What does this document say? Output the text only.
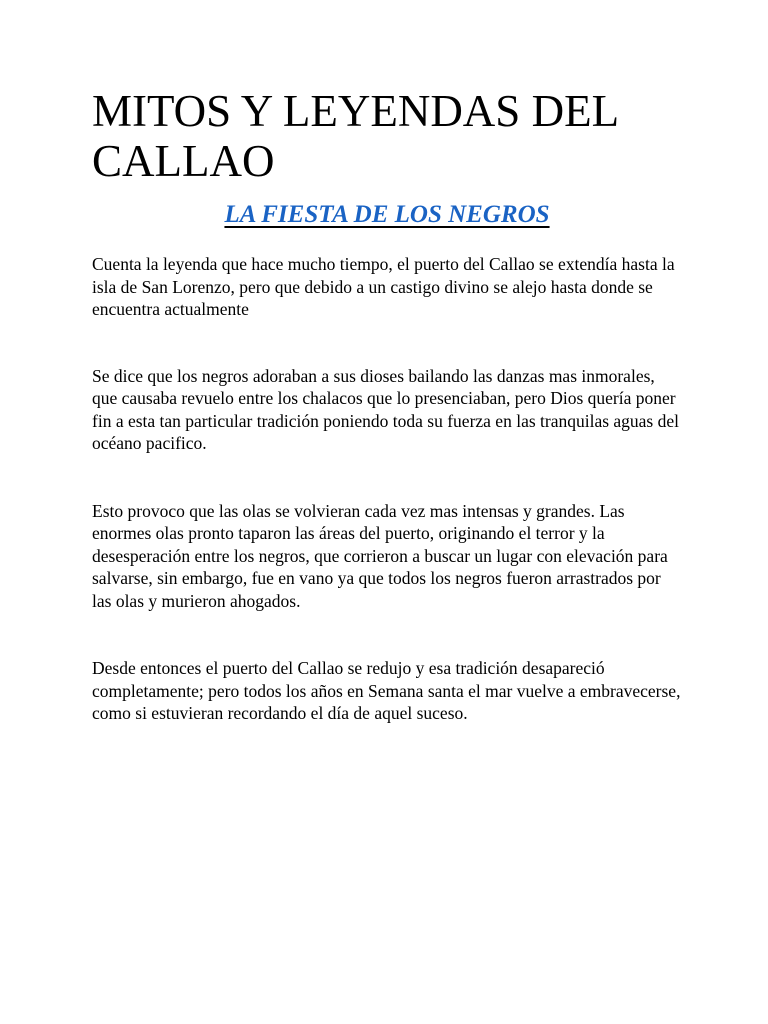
MITOS Y LEYENDAS DEL CALLAO
LA FIESTA DE LOS NEGROS

Cuenta la leyenda que hace mucho tiempo, el puerto del Callao se extendía hasta la isla de San Lorenzo, pero que debido a un castigo divino se alejo hasta donde se encuentra actualmente

Se dice que los negros adoraban a sus dioses bailando las danzas mas inmorales, que causaba revuelo entre los chalacos que lo presenciaban, pero Dios quería poner fin a esta tan particular tradición poniendo toda su fuerza en las tranquilas aguas del océano pacifico.

Esto provoco que las olas se volvieran cada vez mas intensas y grandes. Las enormes olas pronto taparon las áreas del puerto, originando el terror y la desesperación entre los negros, que corrieron a buscar un lugar con elevación para salvarse, sin embargo, fue en vano ya que todos los negros fueron arrastrados por las olas y murieron ahogados.

Desde entonces el puerto del Callao se redujo y esa tradición desapareció completamente; pero todos los años en Semana santa el mar vuelve a embravecerse, como si estuvieran recordando el día de aquel suceso.
